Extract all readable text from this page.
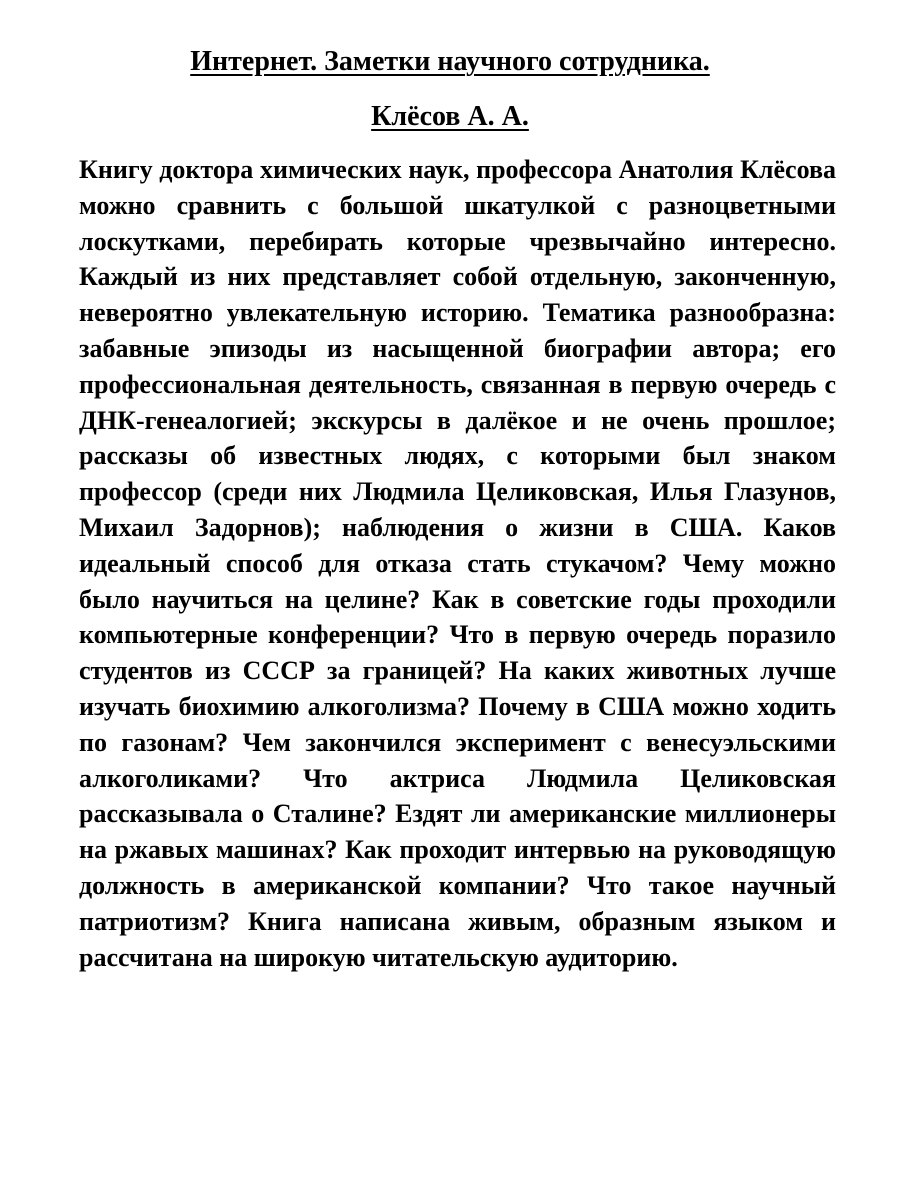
Интернет. Заметки научного сотрудника.
Клёсов А. А.

Книгу доктора химических наук, профессора Анатолия Клёсова можно сравнить с большой шкатулкой с разноцветными лоскутками, перебирать которые чрезвычайно интересно. Каждый из них представляет собой отдельную, законченную, невероятно увлекательную историю. Тематика разнообразна: забавные эпизоды из насыщенной биографии автора; его профессиональная деятельность, связанная в первую очередь с ДНК-генеалогией; экскурсы в далёкое и не очень прошлое; рассказы об известных людях, с которыми был знаком профессор (среди них Людмила Целиковская, Илья Глазунов, Михаил Задорнов); наблюдения о жизни в США. Каков идеальный способ для отказа стать стукачом? Чему можно было научиться на целине? Как в советские годы проходили компьютерные конференции? Что в первую очередь поразило студентов из СССР за границей? На каких животных лучше изучать биохимию алкоголизма? Почему в США можно ходить по газонам? Чем закончился эксперимент с венесуэльскими алкоголиками? Что актриса Людмила Целиковская рассказывала о Сталине? Ездят ли американские миллионеры на ржавых машинах? Как проходит интервью на руководящую должность в американской компании? Что такое научный патриотизм? Книга написана живым, образным языком и рассчитана на широкую читательскую аудиторию.
